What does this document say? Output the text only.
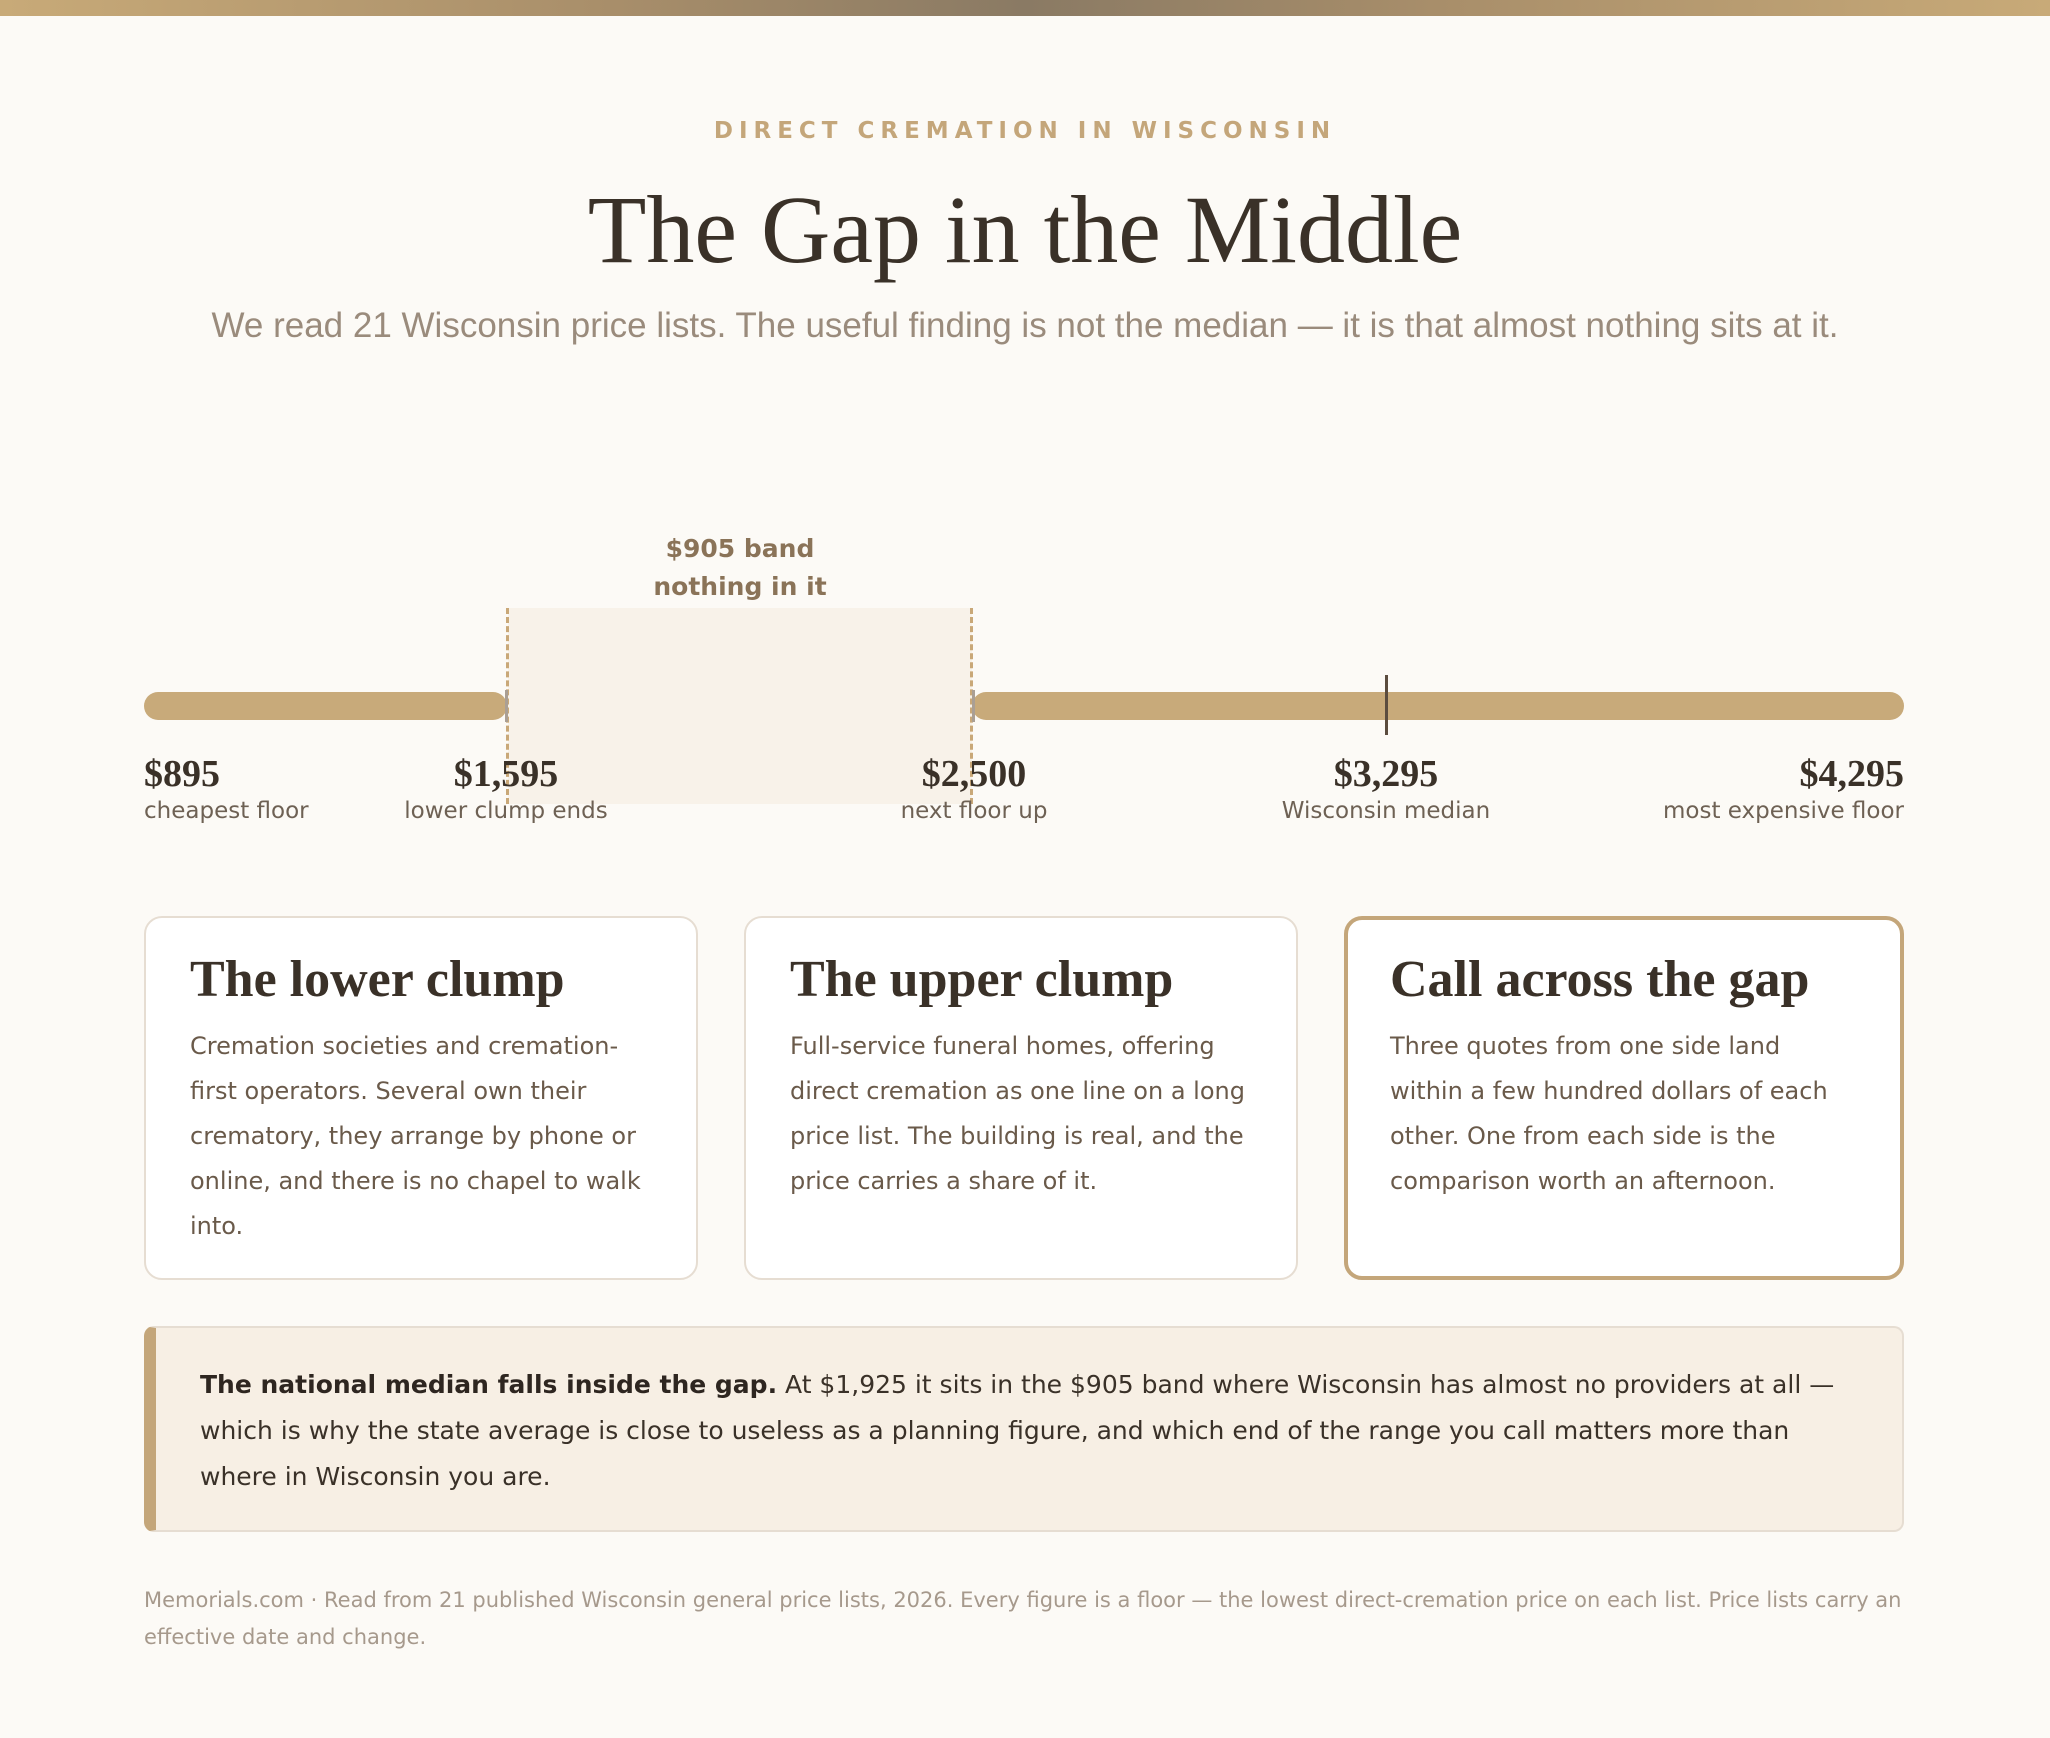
DIRECT CREMATION IN WISCONSIN
The Gap in the Middle
We read 21 Wisconsin price lists. The useful finding is not the median — it is that almost nothing sits at it.
$905 band
nothing in it
$895
cheapest floor
$1,595
lower clump ends
$2,500
next floor up
$3,295
Wisconsin median
$4,295
most expensive floor
The lower clump

Cremation societies and cremation-first operators. Several own their crematory, they arrange by phone or online, and there is no chapel to walk into.

The upper clump

Full-service funeral homes, offering direct cremation as one line on a long price list. The building is real, and the price carries a share of it.

Call across the gap

Three quotes from one side land within a few hundred dollars of each other. One from each side is the comparison worth an afternoon.

The national median falls inside the gap. At $1,925 it sits in the $905 band where Wisconsin has almost no providers at all — which is why the state average is close to useless as a planning figure, and which end of the range you call matters more than where in Wisconsin you are.
Memorials.com · Read from 21 published Wisconsin general price lists, 2026. Every figure is a floor — the lowest direct-cremation price on each list. Price lists carry an effective date and change.
